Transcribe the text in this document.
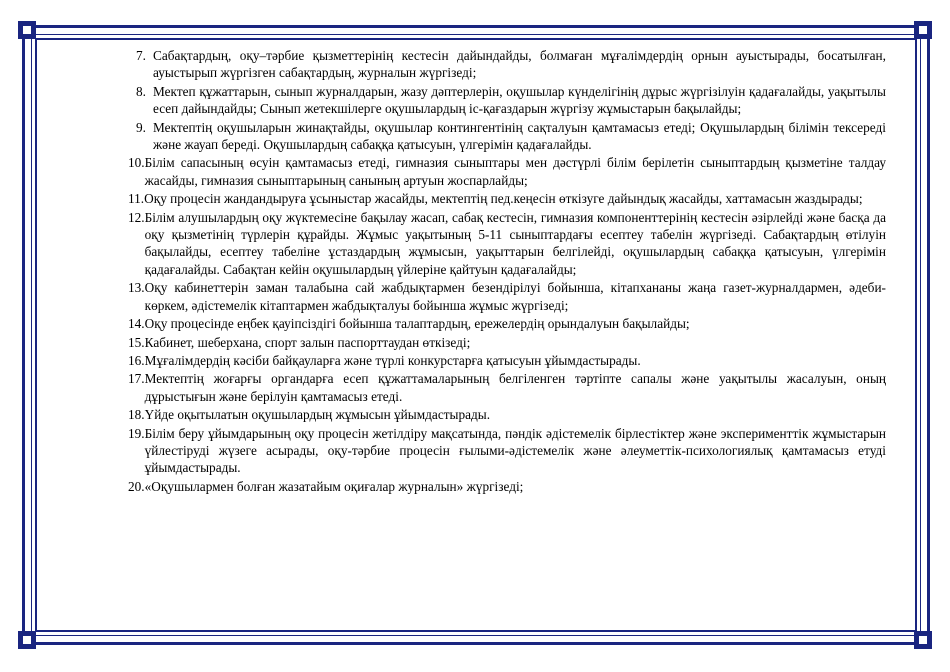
7. Сабақтардың, оқу–тәрбие қызметтерінің кестесін дайындайды, болмаған мұғалімдердің орнын ауыстырады, босатылған, ауыстырып жүргізген сабақтардың, журналын жүргізеді;
8. Мектеп құжаттарын, сынып журналдарын, жазу дәптерлерін, оқушылар күнделігінің дұрыс жүргізілуін қадағалайды, уақытылы есеп дайындайды; Сынып жетекшілерге оқушылардың іс-қағаздарын жүргізу жұмыстарын бақылайды;
9. Мектептің оқушыларын жинақтайды, оқушылар контингентінің сақталуын қамтамасыз етеді; Оқушылардың білімін тексереді және жауап береді. Оқушылардың сабаққа қатысуын, үлгерімін қадағалайды.
10. Білім сапасының өсуін қамтамасыз етеді, гимназия сыныптары мен дәстүрлі білім берілетін сыныптардың қызметіне талдау жасайды, гимназия сыныптарының санының артуын жоспарлайды;
11. Оқу процесін жандандыруға ұсыныстар жасайды, мектептің пед.кеңесін өткізуге дайындық жасайды, хаттамасын жаздырады;
12. Білім алушылардың оқу жүктемесіне бақылау жасап, сабақ кестесін, гимназия компоненттерінің кестесін әзірлейді және басқа да оқу қызметінің түрлерін құрайды. Жұмыс уақытының 5-11 сыныптардағы есептеу табелін жүргізеді. Сабақтардың өтілуін бақылайды, есептеу табеліне ұстаздардың жұмысын, уақыттарын белгілейді, оқушылардың сабаққа қатысуын, үлгерімін қадағалайды. Сабақтан кейін оқушылардың үйлеріне қайтуын қадағалайды;
13. Оқу кабинеттерін заман талабына сай жабдықтармен безендірілуі бойынша, кітапхананы жаңа газет-журналдармен, әдеби- көркем, әдістемелік кітаптармен жабдықталуы бойынша жұмыс жүргізеді;
14. Оқу процесінде еңбек қауіпсіздігі бойынша талаптардың, ережелердің орындалуын бақылайды;
15. Кабинет, шеберхана, спорт залын паспорттаудан өткізеді;
16. Мұғалімдердің кәсіби байқауларға және түрлі конкурстарға қатысуын ұйымдастырады.
17. Мектептің жоғарғы органдарға есеп құжаттамаларының белгіленген тәртіпте сапалы және уақытылы жасалуын, оның дұрыстығын және берілуін қамтамасыз етеді.
18. Үйде оқытылатын оқушылардың жұмысын ұйымдастырады.
19. Білім беру ұйымдарының оқу процесін жетілдіру мақсатында, пәндік әдістемелік бірлестіктер және эксперименттік жұмыстарын үйлестіруді жүзеге асырады, оқу-тәрбие процесін ғылыми-әдістемелік және әлеуметтік-психологиялық қамтамасыз етуді ұйымдастырады.
20. «Оқушылармен болған жазатайым оқиғалар журналын» жүргізеді;
